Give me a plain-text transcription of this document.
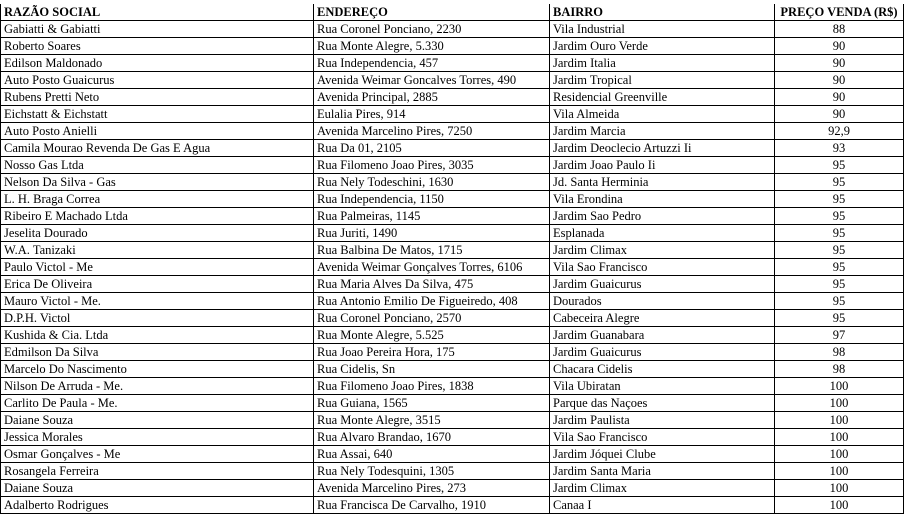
RAZÃO SOCIAL	ENDEREÇO	BAIRRO	PREÇO VENDA (R$)
Gabiatti & Gabiatti	Rua Coronel Ponciano, 2230	Vila Industrial	88
Roberto Soares	Rua Monte Alegre, 5.330	Jardim Ouro Verde	90
Edilson Maldonado	Rua Independencia, 457	Jardim Italia	90
Auto Posto Guaicurus	Avenida Weimar Goncalves Torres, 490	Jardim Tropical	90
Rubens Pretti Neto	Avenida Principal, 2885	Residencial Greenville	90
Eichstatt & Eichstatt	Eulalia Pires, 914	Vila Almeida	90
Auto Posto Anielli	Avenida Marcelino Pires, 7250	Jardim Marcia	92,9
Camila Mourao Revenda De Gas E Agua	Rua Da 01, 2105	Jardim Deoclecio Artuzzi Ii	93
Nosso Gas Ltda	Rua Filomeno Joao Pires, 3035	Jardim Joao Paulo Ii	95
Nelson Da Silva - Gas	Rua Nely Todeschini, 1630	Jd. Santa Herminia	95
L. H. Braga Correa	Rua Independencia, 1150	Vila Erondina	95
Ribeiro E Machado Ltda	Rua Palmeiras, 1145	Jardim Sao Pedro	95
Jeselita Dourado	Rua Juriti, 1490	Esplanada	95
W.A. Tanizaki	Rua Balbina De Matos, 1715	Jardim Climax	95
Paulo Victol - Me	Avenida Weimar Gonçalves Torres, 6106	Vila Sao Francisco	95
Erica De Oliveira	Rua Maria Alves Da Silva, 475	Jardim Guaicurus	95
Mauro Victol - Me.	Rua Antonio Emilio De Figueiredo, 408	Dourados	95
D.P.H. Victol	Rua Coronel Ponciano, 2570	Cabeceira Alegre	95
Kushida & Cia. Ltda	Rua Monte Alegre, 5.525	Jardim Guanabara	97
Edmilson Da Silva	Rua Joao Pereira Hora, 175	Jardim Guaicurus	98
Marcelo Do Nascimento	Rua Cidelis, Sn	Chacara Cidelis	98
Nilson De Arruda - Me.	Rua Filomeno Joao Pires, 1838	Vila Ubiratan	100
Carlito De Paula - Me.	Rua Guiana, 1565	Parque das Naçoes	100
Daiane Souza	Rua Monte Alegre, 3515	Jardim Paulista	100
Jessica Morales	Rua Alvaro Brandao, 1670	Vila Sao Francisco	100
Osmar Gonçalves - Me	Rua Assai, 640	Jardim Jóquei Clube	100
Rosangela Ferreira	Rua Nely Todesquini, 1305	Jardim Santa Maria	100
Daiane Souza	Avenida Marcelino Pires, 273	Jardim Climax	100
Adalberto Rodrigues	Rua Francisca De Carvalho, 1910	Canaa I	100
